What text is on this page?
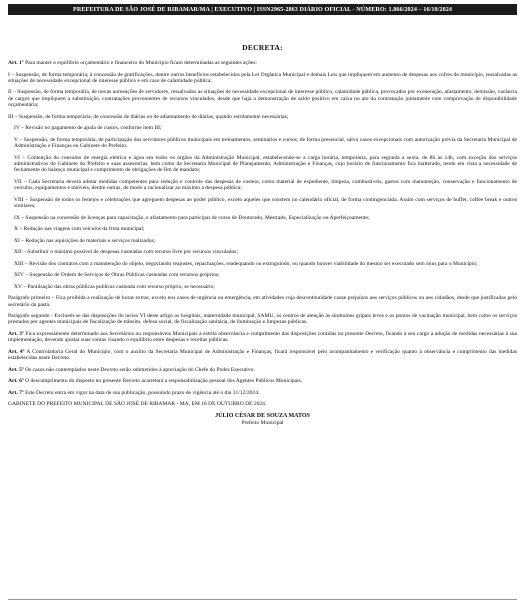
PREFEITURA DE SÃO JOSÉ DE RIBAMAR/MA | EXECUTIVO | ISSN2965-2863 DIÁRIO OFICIAL - NÚMERO: 1.866/2024 – 16/10/2024
DECRETA:

Art. 1º Para manter o equilíbrio orçamentário e financeiro do Município ficam determinadas as seguintes ações:

I – Suspensão, de forma temporária, à concessão de gratificações, dentre outros benefícios estabelecidos pela Lei Orgânica Municipal e demais Leis que impliquem em aumento de despesas aos cofres do município, ressalvadas as situações de necessidade excepcional de interesse público e em caso de calamidade pública;

II – Suspensão, de forma temporária, de novas nomeações de servidores, ressalvados as situações de necessidade excepcional de interesse público, calamidade pública, provocados por exoneração, afastamento, demissão, vacância de cargos que impliquem a substituição, contratações provenientes de recursos vinculados, desde que haja a demonstração de saldo positivo em caixa no ato da contratação juntamente com comprovação de disponibilidade orçamentária;

III – Suspensão, de forma temporária, de concessão de diárias ou de adiantamento de diárias, quando estritamente necessárias;

IV – Revisão no pagamento de ajuda de custos, conforme item III;

V – Suspensão, de forma temporária, de participação dos servidores públicos municipais em treinamentos, seminários e cursos, de forma presencial, salvo casos excepcionais com autorização prévia da Secretaria Municipal de Administração e Finanças ou Gabinete do Prefeito;

VI – Contenção do consumo de energia elétrica e água em todos os órgãos da Administração Municipal, estabelecendo-se a carga horária, temporária, para segunda a sexta, de 8h às 14h, com exceção dos serviços administrativos do Gabinete do Prefeito e suas assessorias, bem como da Secretaria Municipal de Planejamento, Administração e Finanças, cujo horário de funcionamento fica inalterado, tendo em vista a necessidade de fechamento do balanço municipal e cumprimento de obrigações de fim de mandato;

VII – Cada Secretaria deverá adotar medidas competentes para redução e controle das despesas de custeio, como material de expediente, limpeza, combustíveis, gastos com manutenção, conservação e funcionamento de veículos, equipamentos e imóveis, dentre outras, de modo a racionalizar ao máximo a despesa pública;

VIII – Suspensão de todos os festejos e celebrações que agreguem despesas ao poder público, exceto aqueles que constem no calendário oficial, de forma contingenciada. Assim com serviços de buffet, coffee break e outros similares;

IX – Suspensão na concessão de licenças para capacitação, e afastamento para participar de curso de Doutorado, Mestrado, Especialização ou Aperfeiçoamento;

X – Redução nas viagens com veículos da frota municipal;

XI – Redução nas aquisições de materiais e serviços realizados;

XII – Substituir o máximo possível de despesas custeadas com recurso livre por recursos vinculados;

XIII – Revisão dos contratos com a manutenção do objeto, negociando reajustes, repactuações, readequando ou extinguindo, ou quando houver viabilidade do mesmo ser executado sem ônus para o Município;

XIV – Suspensão de Ordem de Serviços de Obras Públicas custeadas com recursos próprios;

XV – Paralisação das obras públicas publicas custeada com recurso próprio, se necessário;

Parágrafo primeiro – Fica proibida a realização de horas extras, exceto nos casos de urgência ou emergência, em atividades cuja descontinuidade cause prejuízos aos serviços públicos ou aos cidadãos, desde que justificadas pelo secretário da pasta.

Parágrafo segundo - Excluem-se das disposições do inciso VI deste artigo os hospitais, maternidade municipal, SAMU, os centros de atenção às síndromes gripais leves e os pontos de vacinação municipal, bem como os serviços prestados por agentes municipais de fiscalização de trânsito, defesa social, de fiscalização sanitária, de iluminação e limpezas públicas.

Art. 3º Fica expressamente determinado aos Secretários ou responsáveis Municipais a estrita observância e cumprimento das disposições contidas no presente Decreto, ficando a seu cargo a adoção de medidas necessárias à sua implementação, devendo ajustar suas contas visando o equilíbrio entre despesas e receitas públicas.

Art. 4º A Controladoria Geral do Município, com o auxílio da Secretaria Municipal de Administração e Finanças, ficará responsável pelo acompanhamento e verificação quanto à observância e cumprimento das medidas estabelecidas neste Decreto.

Art. 5º Os casos não contemplados neste Decreto serão submetidos à apreciação do Chefe do Poder Executivo.

Art. 6º O descumprimento do disposto no presente Decreto acarretará a responsabilização pessoal dos Agentes Públicos Municipais.

Art. 7º Este Decreto entra em vigor na data de sua publicação, possuindo prazo de vigência até o dia 31/12/2024.

GABINETE DO PREFEITO MUNICIPAL DE SÃO JOSÉ DE RIBAMAR - MA, EM 16 DE OUTUBRO DE 2024.

JÚLIO CÉSAR DE SOUZA MATOS
Prefeito Municipal
